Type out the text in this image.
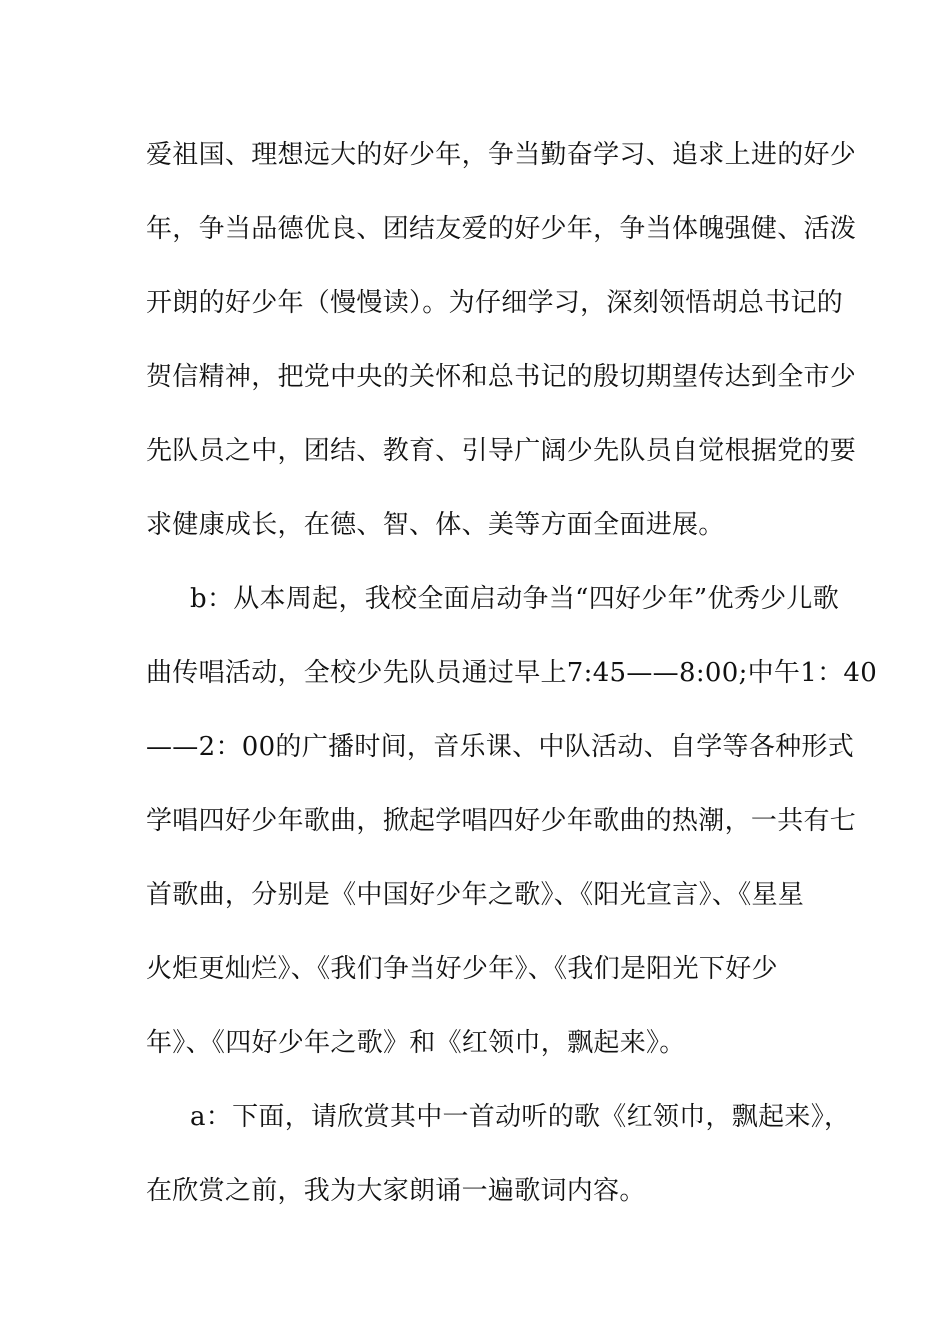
爱祖国、理想远大的好少年，争当勤奋学习、追求上进的好少
年，争当品德优良、团结友爱的好少年，争当体魄强健、活泼
开朗的好少年（慢慢读）。为仔细学习，深刻领悟胡总书记的
贺信精神，把党中央的关怀和总书记的殷切期望传达到全市少
先队员之中，团结、教育、引导广阔少先队员自觉根据党的要
求健康成长，在德、智、体、美等方面全面进展。
b：从本周起，我校全面启动争当“四好少年”优秀少儿歌
曲传唱活动，全校少先队员通过早上7:45——8:00;中午1：40
——2：00的广播时间，音乐课、中队活动、自学等各种形式
学唱四好少年歌曲，掀起学唱四好少年歌曲的热潮，一共有七
首歌曲，分别是《中国好少年之歌》、《阳光宣言》、《星星
火炬更灿烂》、《我们争当好少年》、《我们是阳光下好少
年》、《四好少年之歌》和《红领巾，飘起来》。
a：下面，请欣赏其中一首动听的歌《红领巾，飘起来》，
在欣赏之前，我为大家朗诵一遍歌词内容。
